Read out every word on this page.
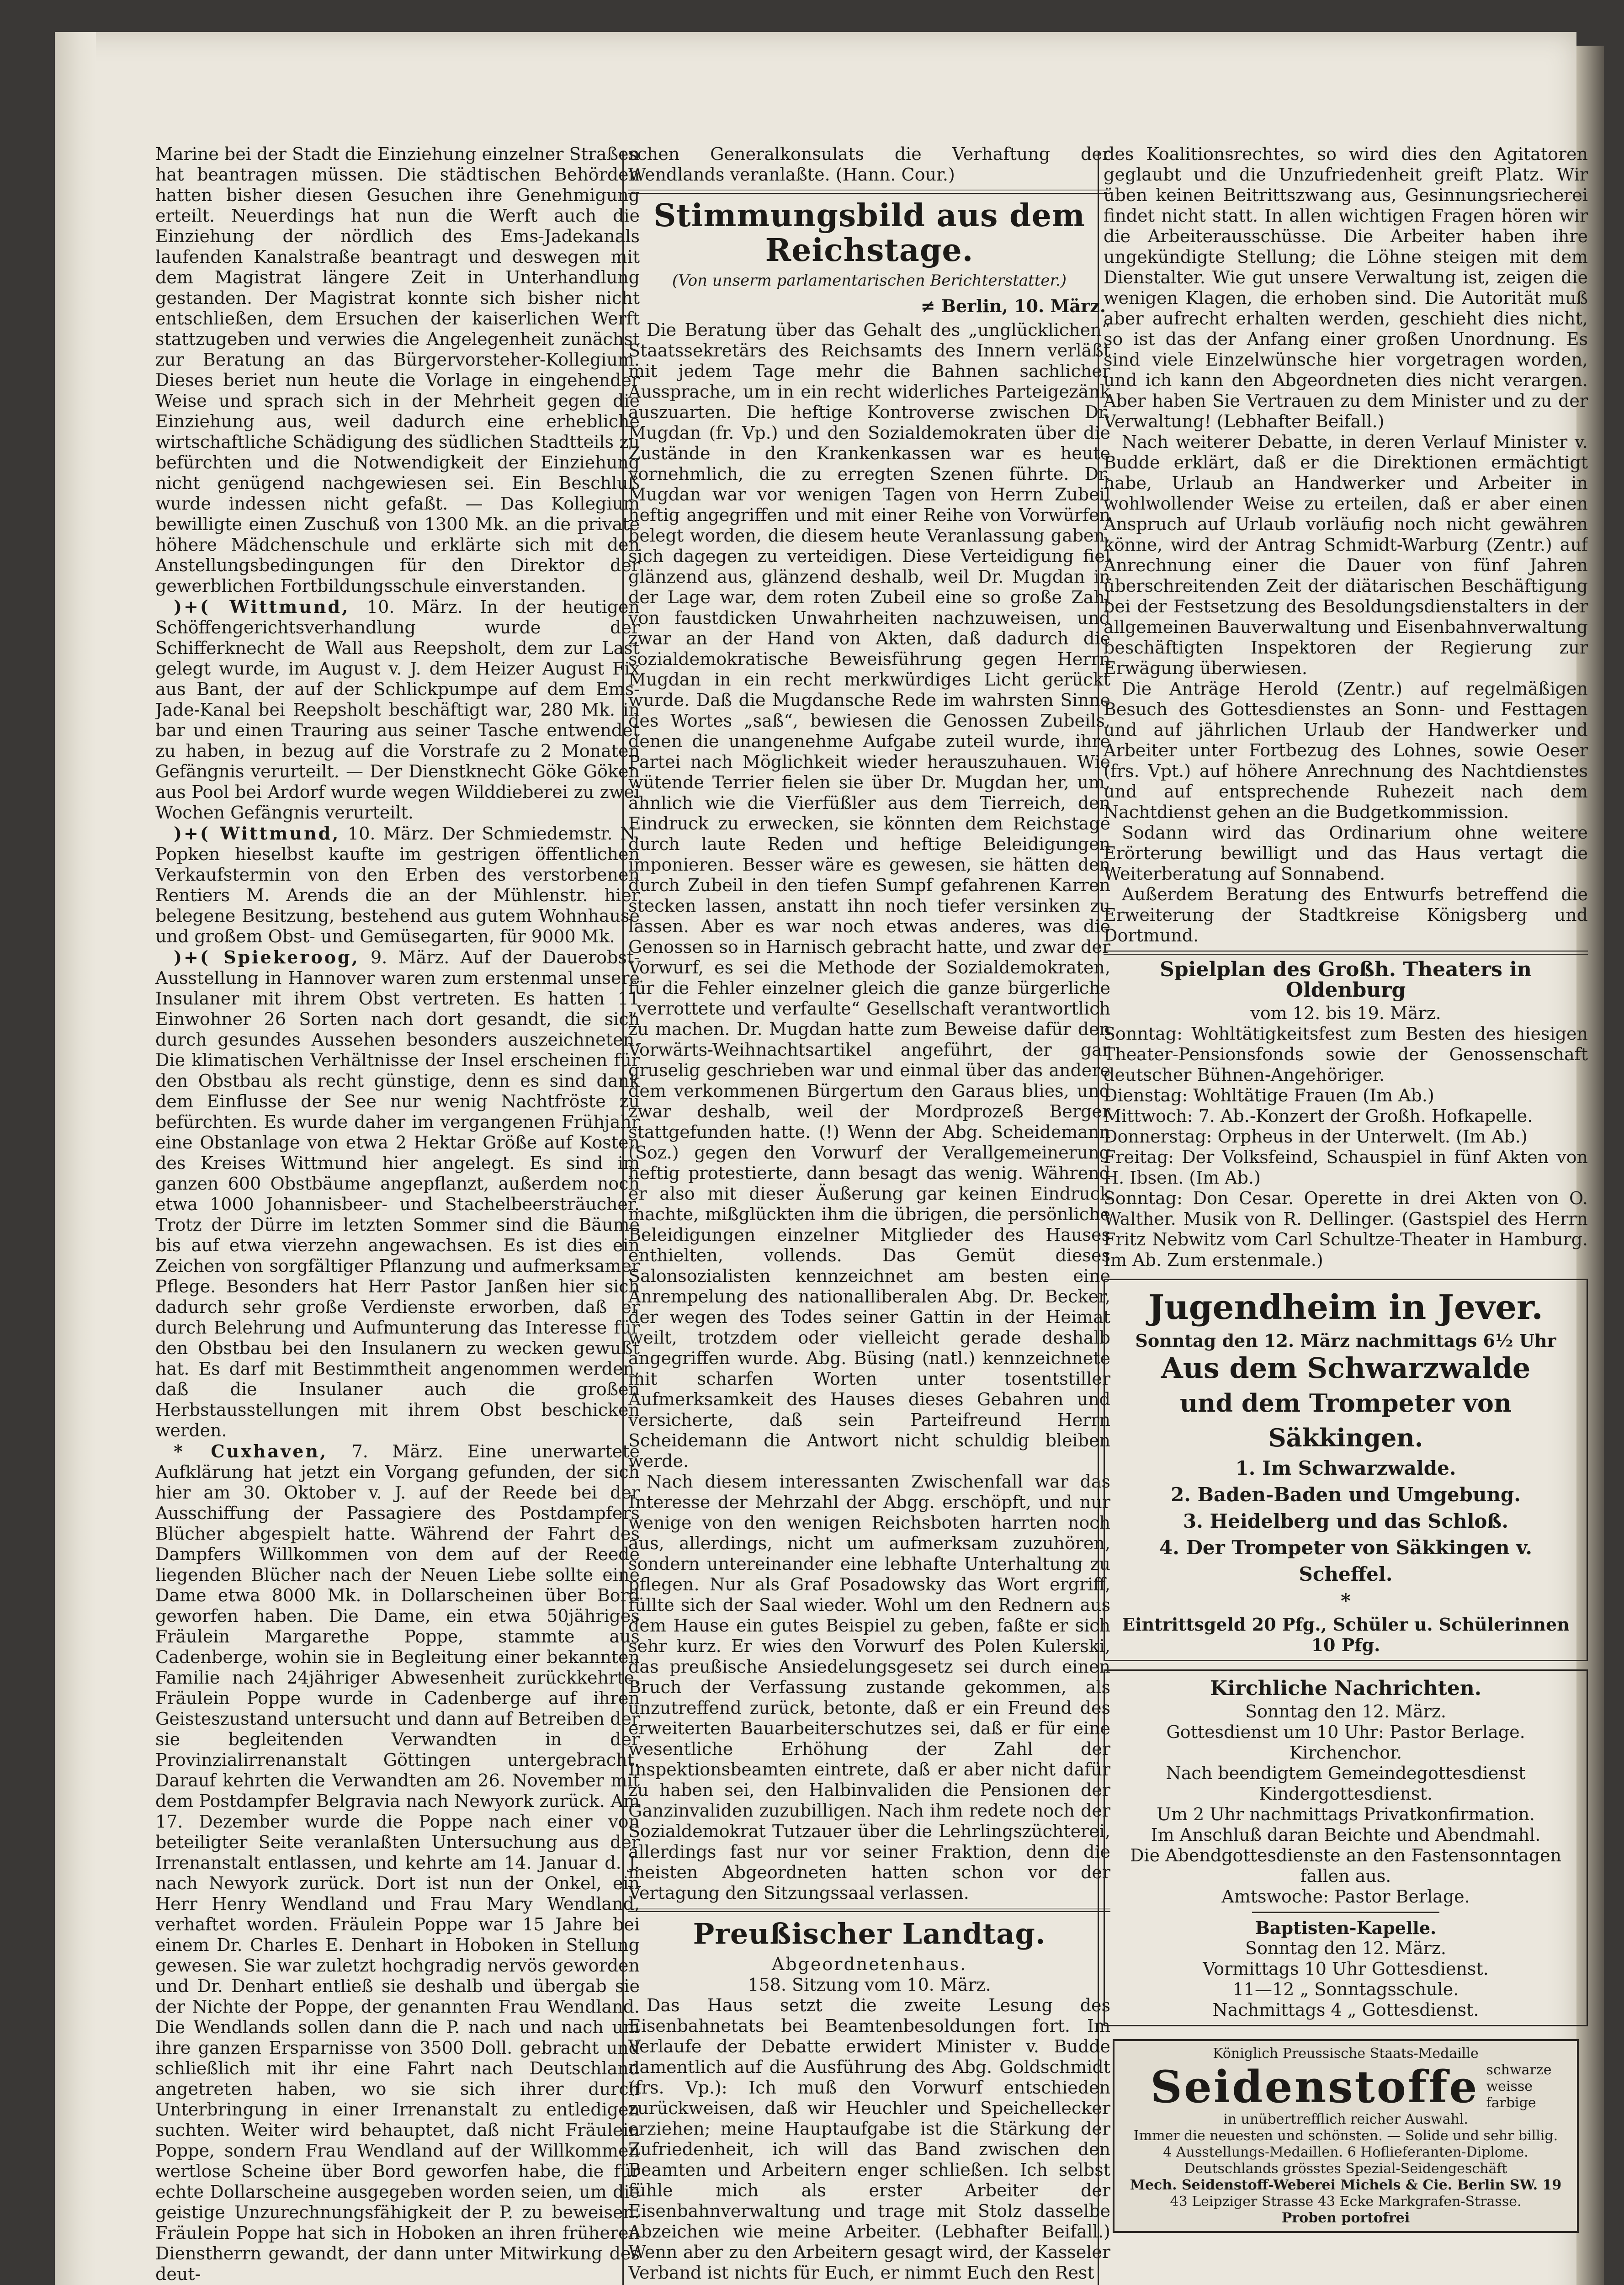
Marine bei der Stadt die Einziehung einzelner Straßen hat beantragen müssen. Die städtischen Behörden hatten bisher diesen Gesuchen ihre Genehmigung erteilt. Neuerdings hat nun die Werft auch die Einziehung der nördlich des Ems-Jadekanals laufenden Kanalstraße beantragt und deswegen mit dem Magistrat längere Zeit in Unterhandlung gestanden. Der Magistrat konnte sich bisher nicht entschließen, dem Ersuchen der kaiserlichen Werft stattzugeben und verwies die Angelegenheit zunächst zur Beratung an das Bürgervorsteher-Kollegium. Dieses beriet nun heute die Vorlage in eingehender Weise und sprach sich in der Mehrheit gegen die Einziehung aus, weil dadurch eine erhebliche wirtschaftliche Schädigung des südlichen Stadtteils zu befürchten und die Notwendigkeit der Einziehung nicht genügend nachgewiesen sei. Ein Beschluß wurde indessen nicht gefaßt. — Das Kollegium bewilligte einen Zuschuß von 1300 Mk. an die private höhere Mädchenschule und erklärte sich mit den Anstellungsbedingungen für den Direktor der gewerblichen Fortbildungsschule einverstanden.

)+( Wittmund, 10. März. In der heutigen Schöffengerichtsverhandlung wurde der Schifferknecht de Wall aus Reepsholt, dem zur Last gelegt wurde, im August v. J. dem Heizer August Fix aus Bant, der auf der Schlickpumpe auf dem Ems-Jade-Kanal bei Reepsholt beschäftigt war, 280 Mk. in bar und einen Trauring aus seiner Tasche entwendet zu haben, in bezug auf die Vorstrafe zu 2 Monaten Gefängnis verurteilt. — Der Dienstknecht Göke Göken aus Pool bei Ardorf wurde wegen Wilddieberei zu zwei Wochen Gefängnis verurteilt.

)+( Wittmund, 10. März. Der Schmiedemstr. N. Popken hieselbst kaufte im gestrigen öffentlichen Verkaufstermin von den Erben des verstorbenen Rentiers M. Arends die an der Mühlenstr. hier belegene Besitzung, bestehend aus gutem Wohnhause und großem Obst- und Gemüsegarten, für 9000 Mk.

)+( Spiekeroog, 9. März. Auf der Dauerobst-Ausstellung in Hannover waren zum erstenmal unsere Insulaner mit ihrem Obst vertreten. Es hatten 11 Einwohner 26 Sorten nach dort gesandt, die sich durch gesundes Aussehen besonders auszeichneten. Die klimatischen Verhältnisse der Insel erscheinen für den Obstbau als recht günstige, denn es sind dank dem Einflusse der See nur wenig Nachtfröste zu befürchten. Es wurde daher im vergangenen Frühjahr eine Obstanlage von etwa 2 Hektar Größe auf Kosten des Kreises Wittmund hier angelegt. Es sind im ganzen 600 Obstbäume angepflanzt, außerdem noch etwa 1000 Johannisbeer- und Stachelbeersträucher. Trotz der Dürre im letzten Sommer sind die Bäume bis auf etwa vierzehn angewachsen. Es ist dies ein Zeichen von sorgfältiger Pflanzung und aufmerksamer Pflege. Besonders hat Herr Pastor Janßen hier sich dadurch sehr große Verdienste erworben, daß er durch Belehrung und Aufmunterung das Interesse für den Obstbau bei den Insulanern zu wecken gewußt hat. Es darf mit Bestimmtheit angenommen werden, daß die Insulaner auch die großen Herbstausstellungen mit ihrem Obst beschicken werden.

* Cuxhaven, 7. März. Eine unerwartete Aufklärung hat jetzt ein Vorgang gefunden, der sich hier am 30. Oktober v. J. auf der Reede bei der Ausschiffung der Passagiere des Postdampfers Blücher abgespielt hatte. Während der Fahrt des Dampfers Willkommen von dem auf der Reede liegenden Blücher nach der Neuen Liebe sollte eine Dame etwa 8000 Mk. in Dollarscheinen über Bord geworfen haben. Die Dame, ein etwa 50jähriges Fräulein Margarethe Poppe, stammte aus Cadenberge, wohin sie in Begleitung einer bekannten Familie nach 24jähriger Abwesenheit zurückkehrte. Fräulein Poppe wurde in Cadenberge auf ihren Geisteszustand untersucht und dann auf Betreiben der sie begleitenden Verwandten in der Provinzialirrenanstalt Göttingen untergebracht. Darauf kehrten die Verwandten am 26. November mit dem Postdampfer Belgravia nach Newyork zurück. Am 17. Dezember wurde die Poppe nach einer von beteiligter Seite veranlaßten Untersuchung aus der Irrenanstalt entlassen, und kehrte am 14. Januar d. J. nach Newyork zurück. Dort ist nun der Onkel, ein Herr Henry Wendland und Frau Mary Wendland, verhaftet worden. Fräulein Poppe war 15 Jahre bei einem Dr. Charles E. Denhart in Hoboken in Stellung gewesen. Sie war zuletzt hochgradig nervös geworden und Dr. Denhart entließ sie deshalb und übergab sie der Nichte der Poppe, der genannten Frau Wendland. Die Wendlands sollen dann die P. nach und nach um ihre ganzen Ersparnisse von 3500 Doll. gebracht und schließlich mit ihr eine Fahrt nach Deutschland angetreten haben, wo sie sich ihrer durch Unterbringung in einer Irrenanstalt zu entledigen suchten. Weiter wird behauptet, daß nicht Fräulein Poppe, sondern Frau Wendland auf der Willkommen wertlose Scheine über Bord geworfen habe, die für echte Dollarscheine ausgegeben worden seien, um die geistige Unzurechnungsfähigkeit der P. zu beweisen. Fräulein Poppe hat sich in Hoboken an ihren früheren Dienstherrn gewandt, der dann unter Mitwirkung des deut-

schen Generalkonsulats die Verhaftung der Wendlands veranlaßte. (Hann. Cour.)

Stimmungsbild aus dem Reichstage.

(Von unserm parlamentarischen Berichterstatter.)

≠ Berlin, 10. März.

Die Beratung über das Gehalt des „unglücklichen“ Staatssekretärs des Reichsamts des Innern verläßt mit jedem Tage mehr die Bahnen sachlicher Aussprache, um in ein recht widerliches Parteigezänk auszuarten. Die heftige Kontroverse zwischen Dr. Mugdan (fr. Vp.) und den Sozialdemokraten über die Zustände in den Krankenkassen war es heute vornehmlich, die zu erregten Szenen führte. Dr. Mugdan war vor wenigen Tagen von Herrn Zubeil heftig angegriffen und mit einer Reihe von Vorwürfen belegt worden, die diesem heute Veranlassung gaben, sich dagegen zu verteidigen. Diese Verteidigung fiel glänzend aus, glänzend deshalb, weil Dr. Mugdan in der Lage war, dem roten Zubeil eine so große Zahl von faustdicken Unwahrheiten nachzuweisen, und zwar an der Hand von Akten, daß dadurch die sozialdemokratische Beweisführung gegen Herrn Mugdan in ein recht merkwürdiges Licht gerückt wurde. Daß die Mugdansche Rede im wahrsten Sinne des Wortes „saß“, bewiesen die Genossen Zubeils, denen die unangenehme Aufgabe zuteil wurde, ihre Partei nach Möglichkeit wieder herauszuhauen. Wie wütende Terrier fielen sie über Dr. Mugdan her, um, ähnlich wie die Vierfüßler aus dem Tierreich, den Eindruck zu erwecken, sie könnten dem Reichstage durch laute Reden und heftige Beleidigungen imponieren. Besser wäre es gewesen, sie hätten den durch Zubeil in den tiefen Sumpf gefahrenen Karren stecken lassen, anstatt ihn noch tiefer versinken zu lassen. Aber es war noch etwas anderes, was die Genossen so in Harnisch gebracht hatte, und zwar der Vorwurf, es sei die Methode der Sozialdemokraten, für die Fehler einzelner gleich die ganze bürgerliche „verrottete und verfaulte“ Gesellschaft verantwortlich zu machen. Dr. Mugdan hatte zum Beweise dafür den Vorwärts-Weihnachtsartikel angeführt, der gar gruselig geschrieben war und einmal über das andere dem verkommenen Bürgertum den Garaus blies, und zwar deshalb, weil der Mordprozeß Berger stattgefunden hatte. (!) Wenn der Abg. Scheidemann (Soz.) gegen den Vorwurf der Verallgemeinerung heftig protestierte, dann besagt das wenig. Während er also mit dieser Äußerung gar keinen Eindruck machte, mißglückten ihm die übrigen, die persönliche Beleidigungen einzelner Mitglieder des Hauses enthielten, vollends. Das Gemüt dieses Salonsozialisten kennzeichnet am besten eine Anrempelung des nationalliberalen Abg. Dr. Becker, der wegen des Todes seiner Gattin in der Heimat weilt, trotzdem oder vielleicht gerade deshalb angegriffen wurde. Abg. Büsing (natl.) kennzeichnete mit scharfen Worten unter tosentstiller Aufmerksamkeit des Hauses dieses Gebahren und versicherte, daß sein Parteifreund Herrn Scheidemann die Antwort nicht schuldig bleiben werde.

Nach diesem interessanten Zwischenfall war das Interesse der Mehrzahl der Abgg. erschöpft, und nur wenige von den wenigen Reichsboten harrten noch aus, allerdings, nicht um aufmerksam zuzuhören, sondern untereinander eine lebhafte Unterhaltung zu pflegen. Nur als Graf Posadowsky das Wort ergriff, füllte sich der Saal wieder. Wohl um den Rednern aus dem Hause ein gutes Beispiel zu geben, faßte er sich sehr kurz. Er wies den Vorwurf des Polen Kulerski, das preußische Ansiedelungsgesetz sei durch einen Bruch der Verfassung zustande gekommen, als unzutreffend zurück, betonte, daß er ein Freund des erweiterten Bauarbeiterschutzes sei, daß er für eine wesentliche Erhöhung der Zahl der Inspektionsbeamten eintrete, daß er aber nicht dafür zu haben sei, den Halbinvaliden die Pensionen der Ganzinvaliden zuzubilligen. Nach ihm redete noch der Sozialdemokrat Tutzauer über die Lehrlingszüchterei, allerdings fast nur vor seiner Fraktion, denn die meisten Abgeordneten hatten schon vor der Vertagung den Sitzungssaal verlassen.

Preußischer Landtag.

Abgeordnetenhaus.

158. Sitzung vom 10. März.

Das Haus setzt die zweite Lesung des Eisenbahnetats bei Beamtenbesoldungen fort. Im Verlaufe der Debatte erwidert Minister v. Budde namentlich auf die Ausführung des Abg. Goldschmidt (frs. Vp.): Ich muß den Vorwurf entschieden zurückweisen, daß wir Heuchler und Speichellecker erziehen; meine Hauptaufgabe ist die Stärkung der Zufriedenheit, ich will das Band zwischen den Beamten und Arbeitern enger schließen. Ich selbst fühle mich als erster Arbeiter der Eisenbahnverwaltung und trage mit Stolz dasselbe Abzeichen wie meine Arbeiter. (Lebhafter Beifall.) Wenn aber zu den Arbeitern gesagt wird, der Kasseler Verband ist nichts für Euch, er nimmt Euch den Rest

des Koalitionsrechtes, so wird dies den Agitatoren geglaubt und die Unzufriedenheit greift Platz. Wir üben keinen Beitrittszwang aus, Gesinnungsriecherei findet nicht statt. In allen wichtigen Fragen hören wir die Arbeiterausschüsse. Die Arbeiter haben ihre ungekündigte Stellung; die Löhne steigen mit dem Dienstalter. Wie gut unsere Verwaltung ist, zeigen die wenigen Klagen, die erhoben sind. Die Autorität muß aber aufrecht erhalten werden, geschieht dies nicht, so ist das der Anfang einer großen Unordnung. Es sind viele Einzelwünsche hier vorgetragen worden, und ich kann den Abgeordneten dies nicht verargen. Aber haben Sie Vertrauen zu dem Minister und zu der Verwaltung! (Lebhafter Beifall.)

Nach weiterer Debatte, in deren Verlauf Minister v. Budde erklärt, daß er die Direktionen ermächtigt habe, Urlaub an Handwerker und Arbeiter in wohlwollender Weise zu erteilen, daß er aber einen Anspruch auf Urlaub vorläufig noch nicht gewähren könne, wird der Antrag Schmidt-Warburg (Zentr.) auf Anrechnung einer die Dauer von fünf Jahren überschreitenden Zeit der diätarischen Beschäftigung bei der Festsetzung des Besoldungsdienstalters in der allgemeinen Bauverwaltung und Eisenbahnverwaltung beschäftigten Inspektoren der Regierung zur Erwägung überwiesen.

Die Anträge Herold (Zentr.) auf regelmäßigen Besuch des Gottesdienstes an Sonn- und Festtagen und auf jährlichen Urlaub der Handwerker und Arbeiter unter Fortbezug des Lohnes, sowie Oeser (frs. Vpt.) auf höhere Anrechnung des Nachtdienstes und auf entsprechende Ruhezeit nach dem Nachtdienst gehen an die Budgetkommission.

Sodann wird das Ordinarium ohne weitere Erörterung bewilligt und das Haus vertagt die Weiterberatung auf Sonnabend.

Außerdem Beratung des Entwurfs betreffend die Erweiterung der Stadtkreise Königsberg und Dortmund.

Spielplan des Großh. Theaters in Oldenburg

vom 12. bis 19. März.

Sonntag: Wohltätigkeitsfest zum Besten des hiesigen Theater-Pensionsfonds sowie der Genossenschaft deutscher Bühnen-Angehöriger.

Dienstag: Wohltätige Frauen (Im Ab.)

Mittwoch: 7. Ab.-Konzert der Großh. Hofkapelle.

Donnerstag: Orpheus in der Unterwelt. (Im Ab.)

Freitag: Der Volksfeind, Schauspiel in fünf Akten von H. Ibsen. (Im Ab.)

Sonntag: Don Cesar. Operette in drei Akten von O. Walther. Musik von R. Dellinger. (Gastspiel des Herrn Fritz Nebwitz vom Carl Schultze-Theater in Hamburg. Im Ab. Zum erstenmale.)

Jugendheim in Jever.

Sonntag den 12. März nachmittags 6½ Uhr

Aus dem Schwarzwalde
und dem Trompeter von Säkkingen.
1. Im Schwarzwalde.
2. Baden-Baden und Umgebung.
3. Heidelberg und das Schloß.
4. Der Trompeter von Säkkingen v. Scheffel.
*

Eintrittsgeld 20 Pfg., Schüler u. Schülerinnen 10 Pfg.

Kirchliche Nachrichten.

Sonntag den 12. März.

Gottesdienst um 10 Uhr: Pastor Berlage.

Kirchenchor.

Nach beendigtem Gemeindegottesdienst

Kindergottesdienst.

Um 2 Uhr nachmittags Privatkonfirmation.

Im Anschluß daran Beichte und Abendmahl.

Die Abendgottesdienste an den Fastensonntagen fallen aus.

Amtswoche: Pastor Berlage.

Baptisten-Kapelle.

Sonntag den 12. März.

Vormittags 10 Uhr Gottesdienst.

11—12 „ Sonntagsschule.

Nachmittags 4 „ Gottesdienst.

Königlich Preussische Staats-Medaille
Seidenstoffe schwarze weisse farbige
in unübertrefflich reicher Auswahl.
Immer die neuesten und schönsten. — Solide und sehr billig.
4 Ausstellungs-Medaillen. 6 Hoflieferanten-Diplome.
Deutschlands grösstes Spezial-Seidengeschäft
Mech. Seidenstoff-Weberei Michels & Cie. Berlin SW. 19
43 Leipziger Strasse 43 Ecke Markgrafen-Strasse.
Proben portofrei
